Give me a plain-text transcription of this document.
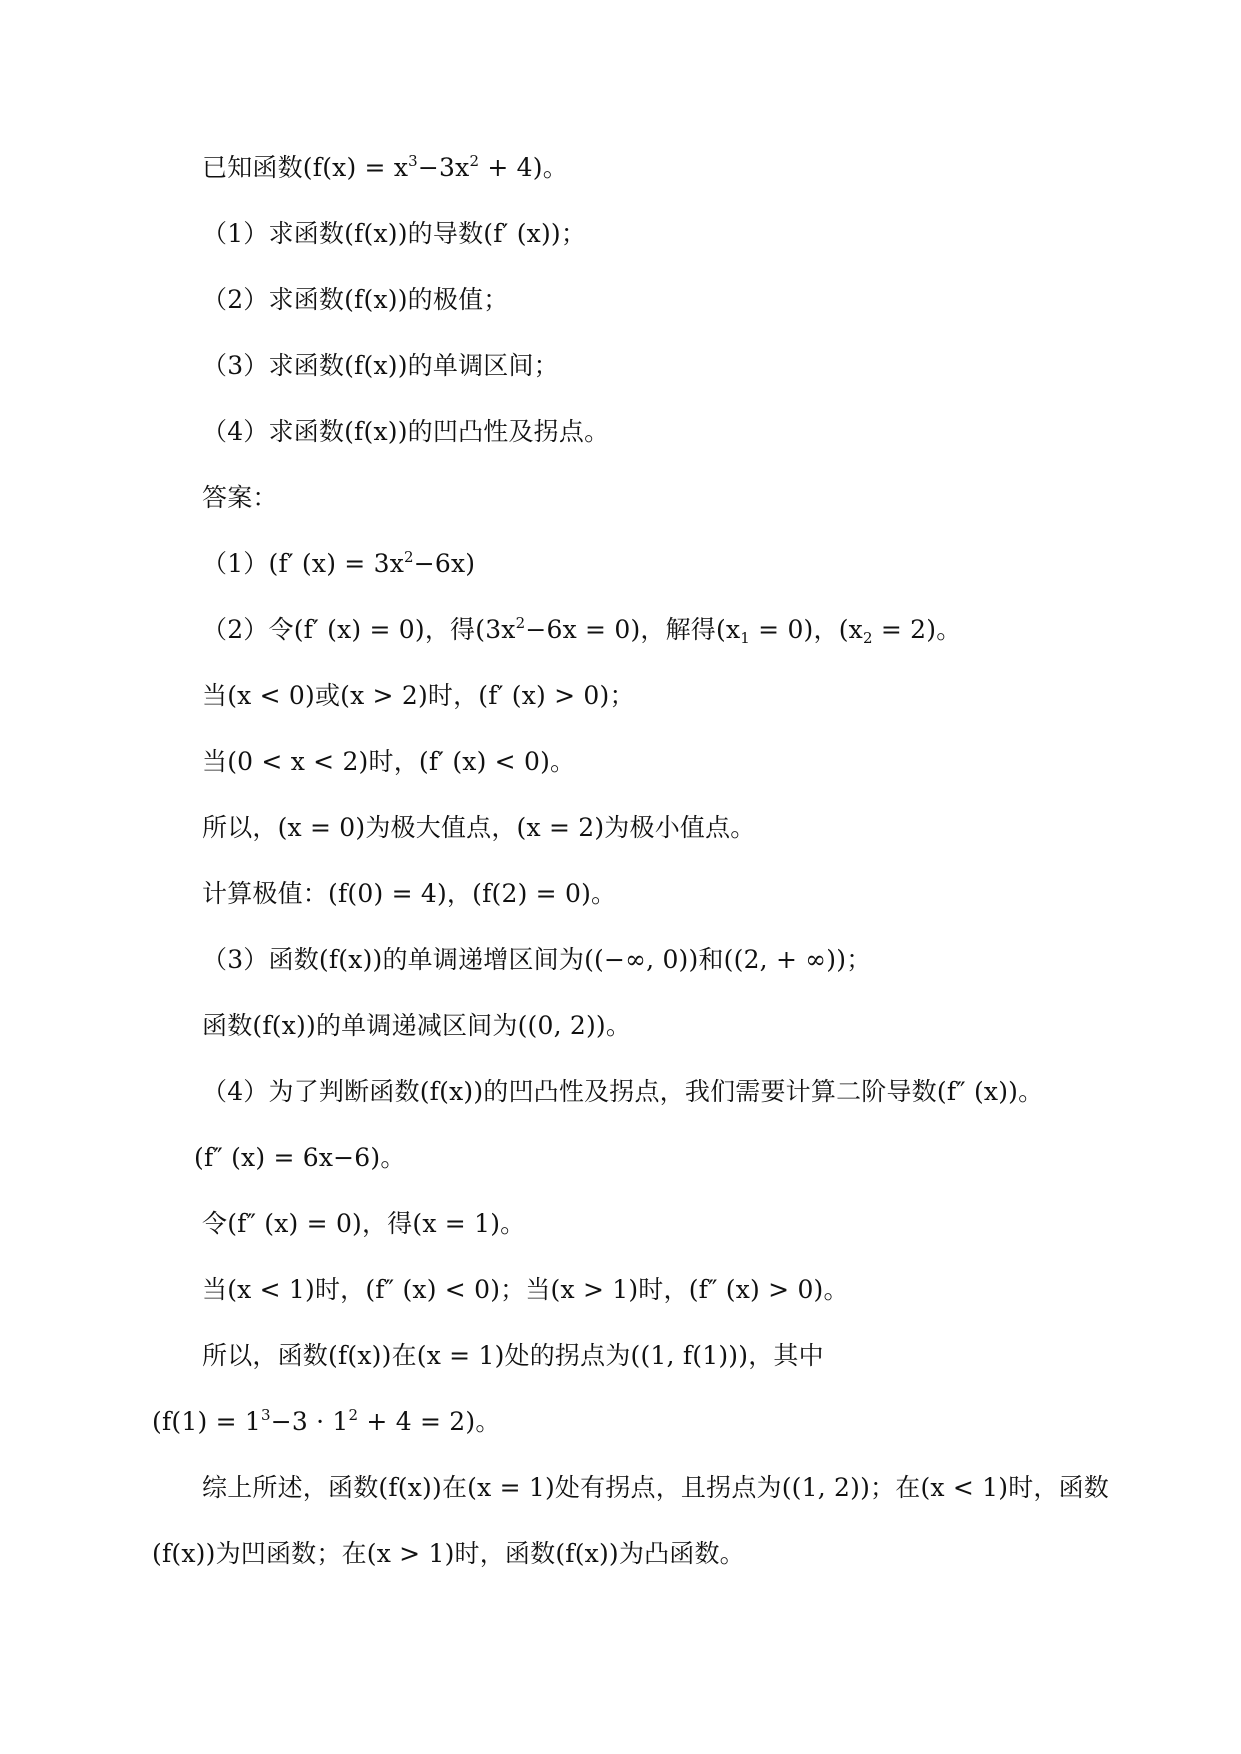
已知函数$(f(x) = x^3-3x^2 + 4)$。
（1）求函数(f(x))的导数(f′ (x))；
（2）求函数(f(x))的极值；
（3）求函数(f(x))的单调区间；
（4）求函数(f(x))的凹凸性及拐点。
答案：
（1）(f′ $(x) = 3x^2-6x$)
（2）令(f′ (x) = 0)，得$(3x^2-6x = 0)$，解得$(x_1 = 0)$，$(x_2 = 2)$。
当(x < 0)或(x > 2)时，(f′ (x) > 0)；
当(0 < x < 2)时，(f′ (x) < 0)。
所以，(x = 0)为极大值点，(x = 2)为极小值点。
计算极值：(f(0) = 4)，(f(2) = 0)。
（3）函数(f(x))的单调递增区间为((−∞, 0))和((2, + ∞))；
函数(f(x))的单调递减区间为((0, 2))。
（4）为了判断函数(f(x))的凹凸性及拐点，我们需要计算二阶导数(f″ (x))。
(f″ (x) = 6x−6)。
令(f″ (x) = 0)，得(x = 1)。
当(x < 1)时，(f″ (x) < 0)；当(x > 1)时，(f″ (x) > 0)。
所以，函数(f(x))在(x = 1)处的拐点为((1, f(1)))，其中
$(f(1) = 1^3-3 \cdot 1^2 + 4 = 2)$。
综上所述，函数(f(x))在(x = 1)处有拐点，且拐点为((1, 2))；在(x < 1)时，函数
(f(x))为凹函数；在(x > 1)时，函数(f(x))为凸函数。
